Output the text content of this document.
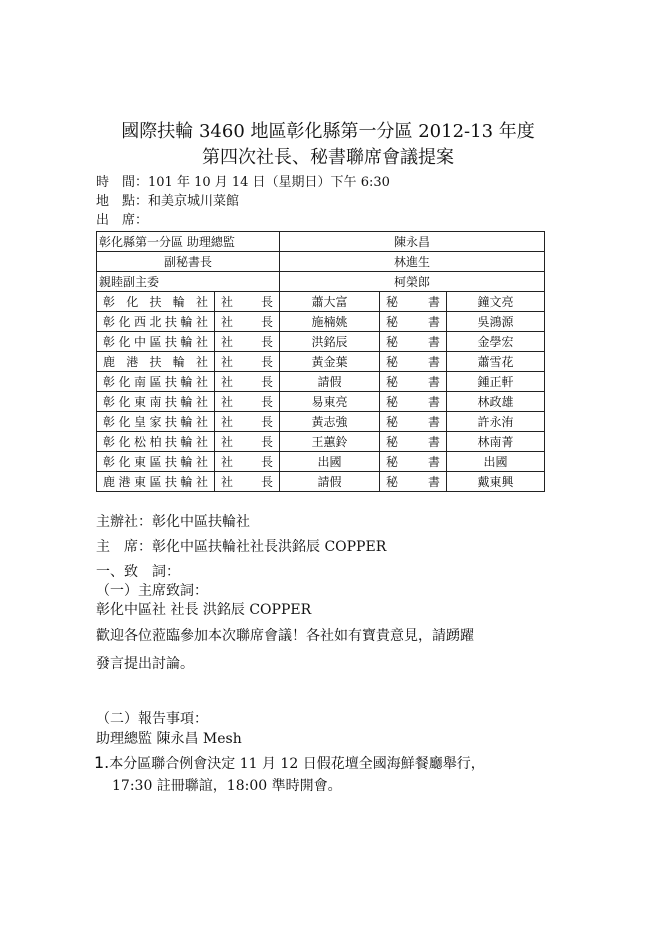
國際扶輪 3460 地區彰化縣第一分區 2012-13 年度
第四次社長、秘書聯席會議提案
時　間：101 年 10 月 14 日（星期日）下午 6:30
地　點：和美京城川菜館
出　席：
彰化縣第一分區 助理總監		陳永昌		
副秘書長		林進生		
親睦副主委		柯榮郎		
彰化扶輪社	社長	蕭大富	秘書	鐘文亮
彰化西北扶輪社	社長	施楠姚	秘書	吳鴻源
彰化中區扶輪社	社長	洪銘辰	秘書	金學宏
鹿港扶輪社	社長	黃金葉	秘書	蕭雪花
彰化南區扶輪社	社長	請假	秘書	鍾正軒
彰化東南扶輪社	社長	易東亮	秘書	林政雄
彰化皇家扶輪社	社長	黃志強	秘書	許永洧
彰化松柏扶輪社	社長	王蕙鈴	秘書	林南菁
彰化東區扶輪社	社長	出國	秘書	出國
鹿港東區扶輪社	社長	請假	秘書	戴東興
主辦社：彰化中區扶輪社
主　席：彰化中區扶輪社社長洪銘辰 COPPER
一、致　詞：
（一）主席致詞：
彰化中區社 社長 洪銘辰 COPPER
歡迎各位蒞臨參加本次聯席會議！各社如有寶貴意見，請踴躍
發言提出討論。
（二）報告事項：
助理總監 陳永昌 Mesh
1.本分區聯合例會決定 11 月 12 日假花壇全國海鮮餐廳舉行，
17:30 註冊聯誼，18:00 準時開會。
